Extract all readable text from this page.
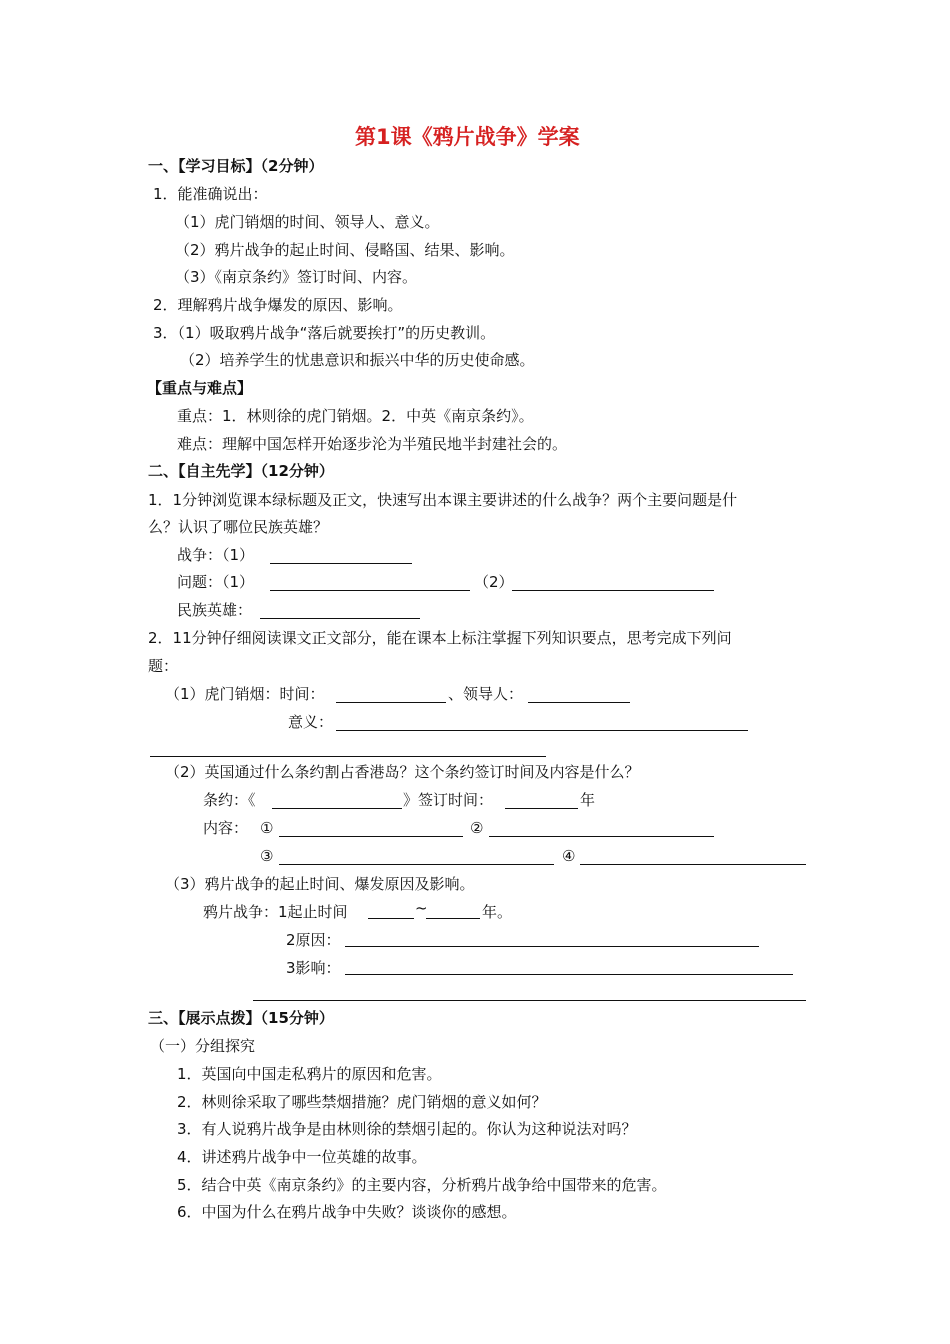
第1课《鸦片战争》学案
一、【学习目标】（2分钟）
1．能准确说出：
（1）虎门销烟的时间、领导人、意义。
（2）鸦片战争的起止时间、侵略国、结果、影响。
（3）《南京条约》签订时间、内容。
2．理解鸦片战争爆发的原因、影响。
3．（1）吸取鸦片战争“落后就要挨打”的历史教训。
（2）培养学生的忧患意识和振兴中华的历史使命感。
【重点与难点】
重点：1．林则徐的虎门销烟。2．中英《南京条约》。
难点：理解中国怎样开始逐步沦为半殖民地半封建社会的。
二、【自主先学】（12分钟）
1．1分钟浏览课本绿标题及正文，快速写出本课主要讲述的什么战争？两个主要问题是什
么？认识了哪位民族英雄？
战争：（1）
问题：（1）	（2）
民族英雄：
2．11分钟仔细阅读课文正文部分，能在课本上标注掌握下列知识要点，思考完成下列问
题：
（1）虎门销烟：时间：	、领导人：
意义：
（2）英国通过什么条约割占香港岛？这个条约签订时间及内容是什么？
条约：《	》签订时间：	年
内容： ①	②
③	④
（3）鸦片战争的起止时间、爆发原因及影响。
鸦片战争：1起止时间	~	年。
2原因：
3影响：
三、【展示点拨】（15分钟）
（一）分组探究
1．英国向中国走私鸦片的原因和危害。
2．林则徐采取了哪些禁烟措施？虎门销烟的意义如何？
3．有人说鸦片战争是由林则徐的禁烟引起的。你认为这种说法对吗？
4．讲述鸦片战争中一位英雄的故事。
5．结合中英《南京条约》的主要内容，分析鸦片战争给中国带来的危害。
6．中国为什么在鸦片战争中失败？谈谈你的感想。
